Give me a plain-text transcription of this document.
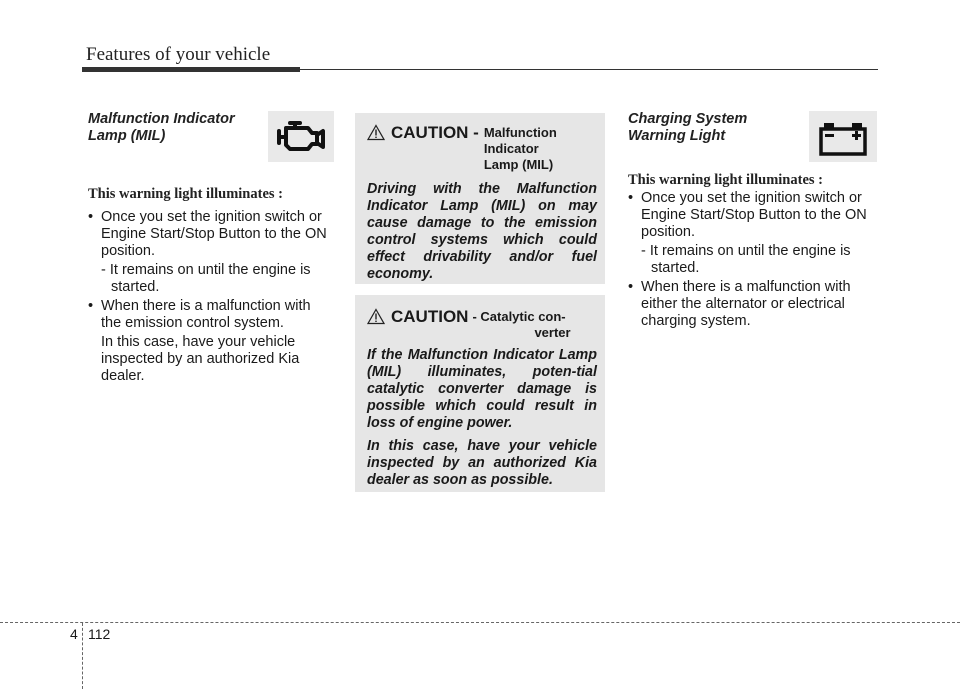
Features of your vehicle
Malfunction Indicator
Lamp (MIL)
This warning light illuminates :
• Once you set the ignition switch or Engine Start/Stop Button to the ON position.
- It remains on until the engine is started.
• When there is a malfunction with the emission control system.
In this case, have your vehicle inspected by an authorized Kia dealer.
CAUTION - Malfunction
Indicator
Lamp (MIL)
Driving with the Malfunction Indicator Lamp (MIL) on may cause damage to the emission control systems which could effect drivability and/or fuel economy.
CAUTION - Catalytic con-
verter
If the Malfunction Indicator Lamp (MIL) illuminates, poten-tial catalytic converter damage is possible which could result in loss of engine power.
In this case, have your vehicle inspected by an authorized Kia dealer as soon as possible.
Charging System
Warning Light
This warning light illuminates :
• Once you set the ignition switch or Engine Start/Stop Button to the ON position.
- It remains on until the engine is started.
• When there is a malfunction with either the alternator or electrical charging system.
4 112
